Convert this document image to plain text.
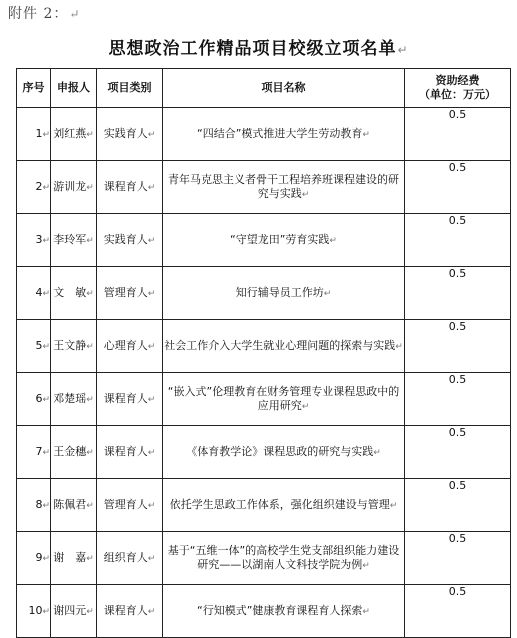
附件 2：↵
思想政治工作精品项目校级立项名单↵
序号	申报人	项目类别	项目名称	资助经费
（单位：万元）

1↵	刘红燕↵	实践育人↵	“四结合”模式推进大学生劳动教育↵	0.5
2↵	游训龙↵	课程育人↵	青年马克思主义者骨干工程培养班课程建设的研究与实践↵	0.5
3↵	李玲军↵	实践育人↵	“守望龙田”劳育实践↵	0.5
4↵	文　敏↵	管理育人↵	知行辅导员工作坊↵	0.5
5↵	王文静↵	心理育人↵	社会工作介入大学生就业心理问题的探索与实践↵	0.5
6↵	邓楚瑶↵	课程育人↵	“嵌入式”伦理教育在财务管理专业课程思政中的应用研究↵	0.5
7↵	王金穗↵	课程育人↵	《体育教学论》课程思政的研究与实践↵	0.5
8↵	陈佩君↵	管理育人↵	依托学生思政工作体系，强化组织建设与管理↵	0.5
9↵	谢　嘉↵	组织育人↵	基于“五维一体”的高校学生党支部组织能力建设研究——以湖南人文科技学院为例↵	0.5
10↵	谢四元↵	课程育人↵	“行知模式”健康教育课程育人探索↵	0.5
